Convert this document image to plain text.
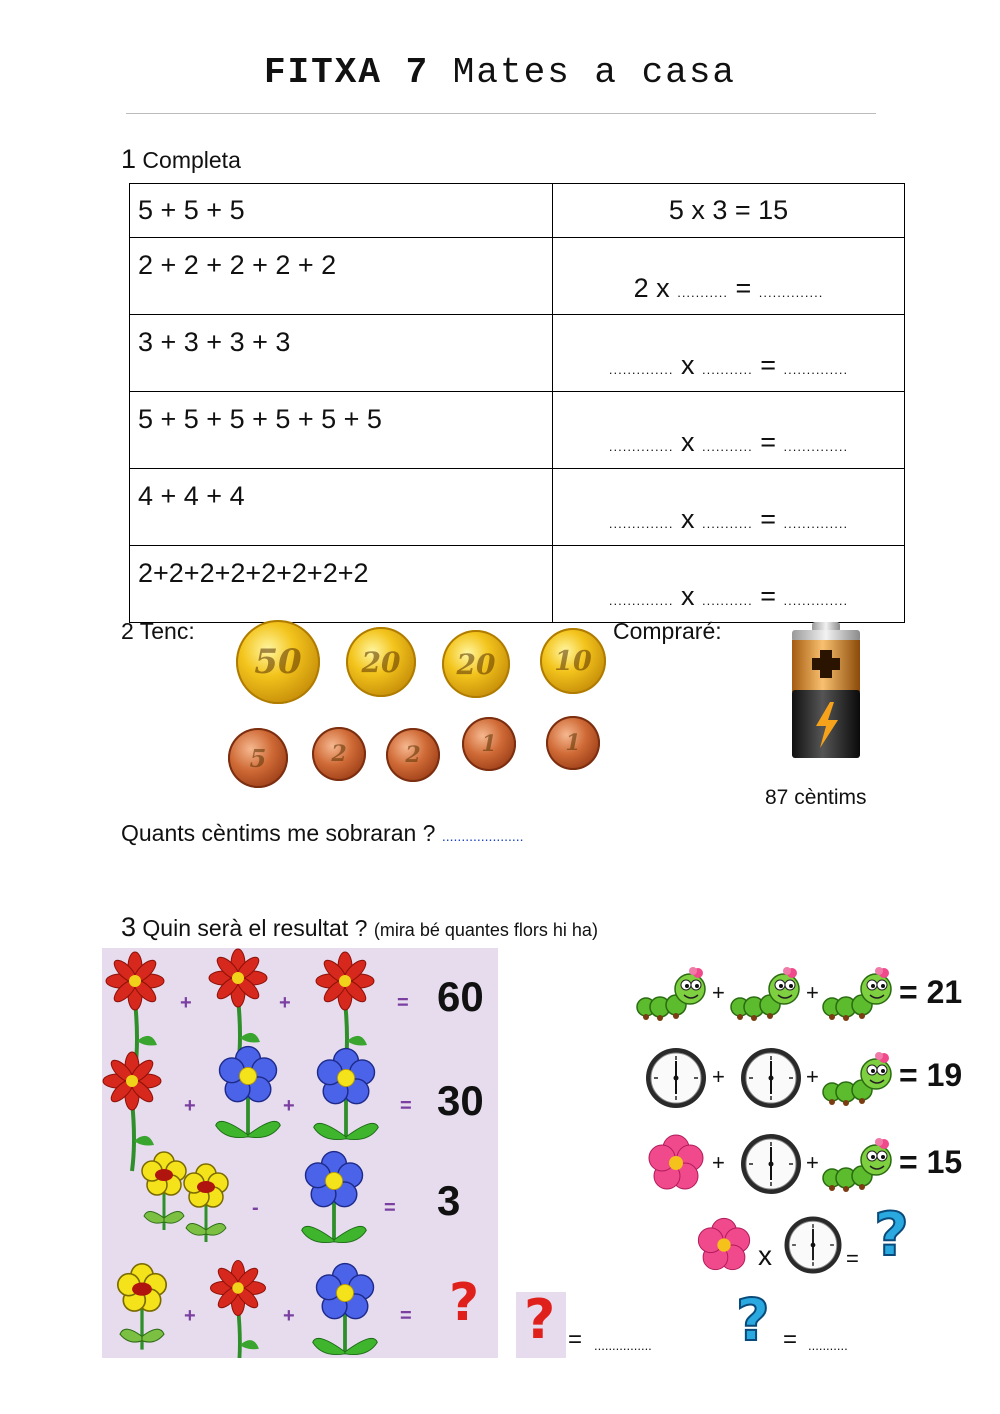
FITXA 7 Mates a casa
1 Completa
5 + 5 + 5	5 x 3 = 15
2 + 2 + 2 + 2 + 2	2 x ........... = ..............
3 + 3 + 3 + 3	.............. x ........... = ..............
5 + 5 + 5 + 5 + 5 + 5	.............. x ........... = ..............
4 + 4 + 4	.............. x ........... = ..............
2+2+2+2+2+2+2+2	.............. x ........... = ..............
2 Tenc:	Compraré:
50	20	20	10
5	2	2	1	1
87 cèntims
Quants cèntims me sobraran ? .....................
3 Quin serà el resultat ? (mira bé quantes flors hi ha)
+	+	= 60
+	+	= 30
-	= 3
+	+	= ?
+	+	= 21
+	+	= 19
+	+	= 15
x	= ?
? = ................ ? = ...........
